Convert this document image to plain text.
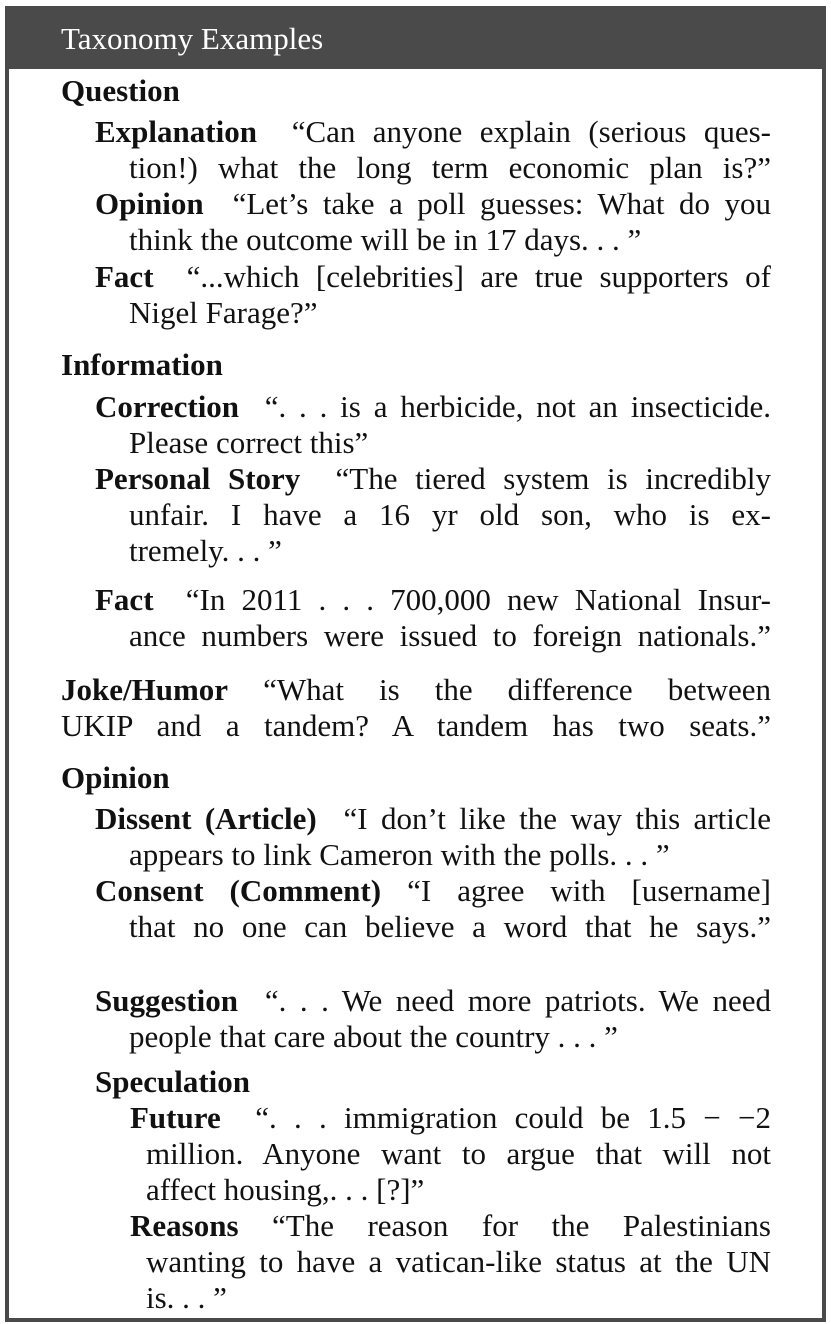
Taxonomy Examples
Question
Explanation “Can anyone explain (serious ques-
tion!) what the long term economic plan is?”
Opinion “Let’s take a poll guesses: What do you
think the outcome will be in 17 days. . . ”
Fact “...which [celebrities] are true supporters of
Nigel Farage?”
Information
Correction “. . . is a herbicide, not an insecticide.
Please correct this”
Personal Story “The tiered system is incredibly
unfair. I have a 16 yr old son, who is ex-
tremely. . . ”
Fact “In 2011 . . . 700,000 new National Insur-
ance numbers were issued to foreign nationals.”
Joke/Humor “What is the difference between
UKIP and a tandem? A tandem has two seats.”
Opinion
Dissent (Article) “I don’t like the way this article
appears to link Cameron with the polls. . . ”
Consent (Comment) “I agree with [username]
that no one can believe a word that he says.”
Suggestion “. . . We need more patriots. We need
people that care about the country . . . ”
Speculation
Future “. . . immigration could be 1.5 − −2
million. Anyone want to argue that will not
affect housing,. . . [?]”
Reasons “The reason for the Palestinians
wanting to have a vatican-like status at the UN
is. . . ”
